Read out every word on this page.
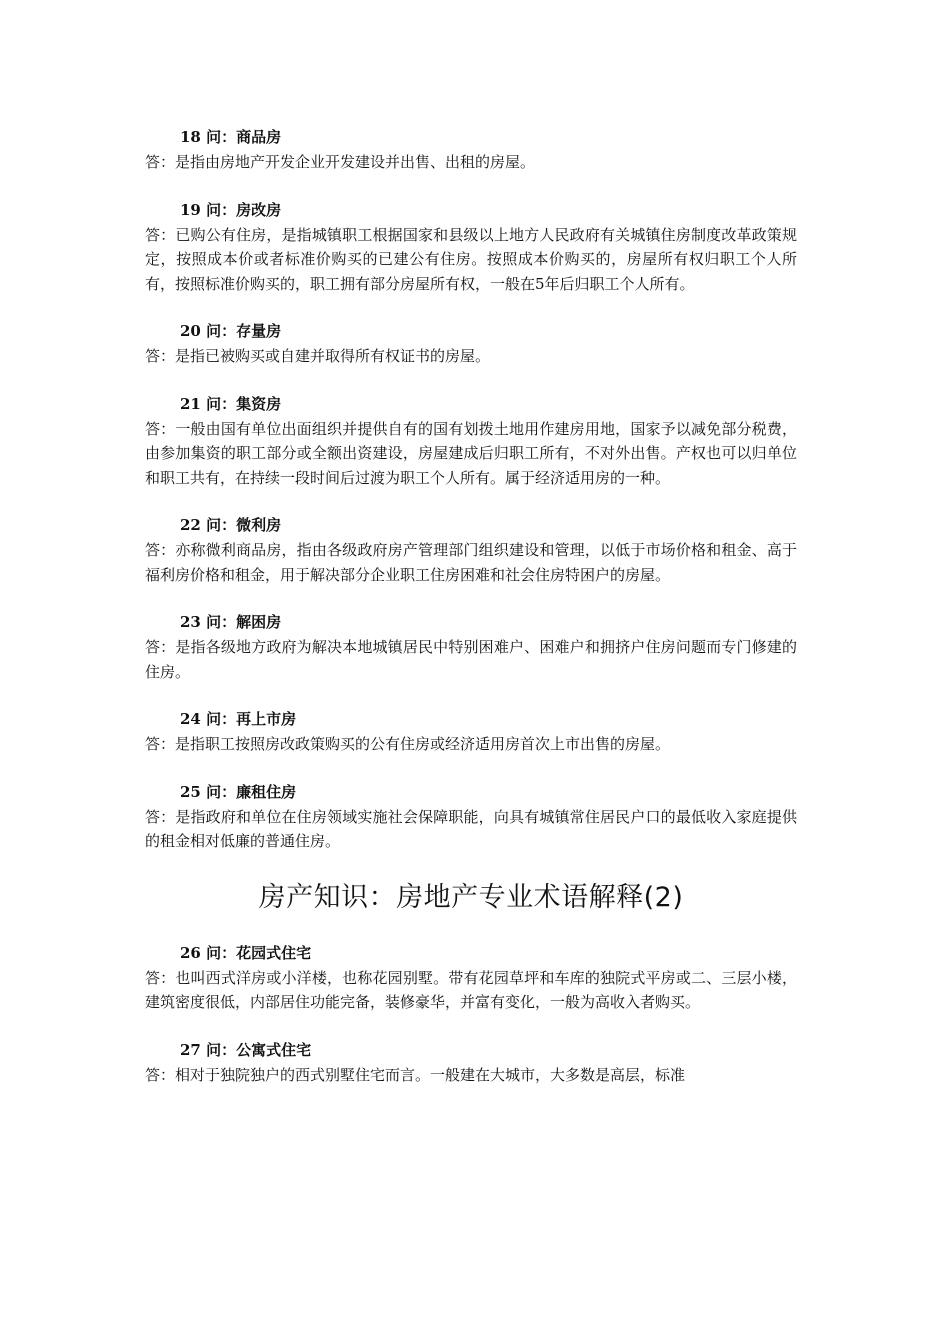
18 问：商品房
答：是指由房地产开发企业开发建设并出售、出租的房屋。
19 问：房改房
答：已购公有住房，是指城镇职工根据国家和县级以上地方人民政府有关城镇住房制度改革政策规定，按照成本价或者标准价购买的已建公有住房。按照成本价购买的，房屋所有权归职工个人所有，按照标准价购买的，职工拥有部分房屋所有权，一般在5年后归职工个人所有。
20 问：存量房
答：是指已被购买或自建并取得所有权证书的房屋。
21 问：集资房
答：一般由国有单位出面组织并提供自有的国有划拨土地用作建房用地，国家予以减免部分税费，由参加集资的职工部分或全额出资建设，房屋建成后归职工所有，不对外出售。产权也可以归单位和职工共有，在持续一段时间后过渡为职工个人所有。属于经济适用房的一种。
22 问：微利房
答：亦称微利商品房，指由各级政府房产管理部门组织建设和管理，以低于市场价格和租金、高于福利房价格和租金，用于解决部分企业职工住房困难和社会住房特困户的房屋。
23 问：解困房
答：是指各级地方政府为解决本地城镇居民中特别困难户、困难户和拥挤户住房问题而专门修建的住房。
24 问：再上市房
答：是指职工按照房改政策购买的公有住房或经济适用房首次上市出售的房屋。
25 问：廉租住房
答：是指政府和单位在住房领域实施社会保障职能，向具有城镇常住居民户口的最低收入家庭提供的租金相对低廉的普通住房。
房产知识：房地产专业术语解释(2)
26 问：花园式住宅
答：也叫西式洋房或小洋楼，也称花园别墅。带有花园草坪和车库的独院式平房或二、三层小楼，建筑密度很低，内部居住功能完备，装修豪华，并富有变化，一般为高收入者购买。
27 问：公寓式住宅
答：相对于独院独户的西式别墅住宅而言。一般建在大城市，大多数是高层，标准
